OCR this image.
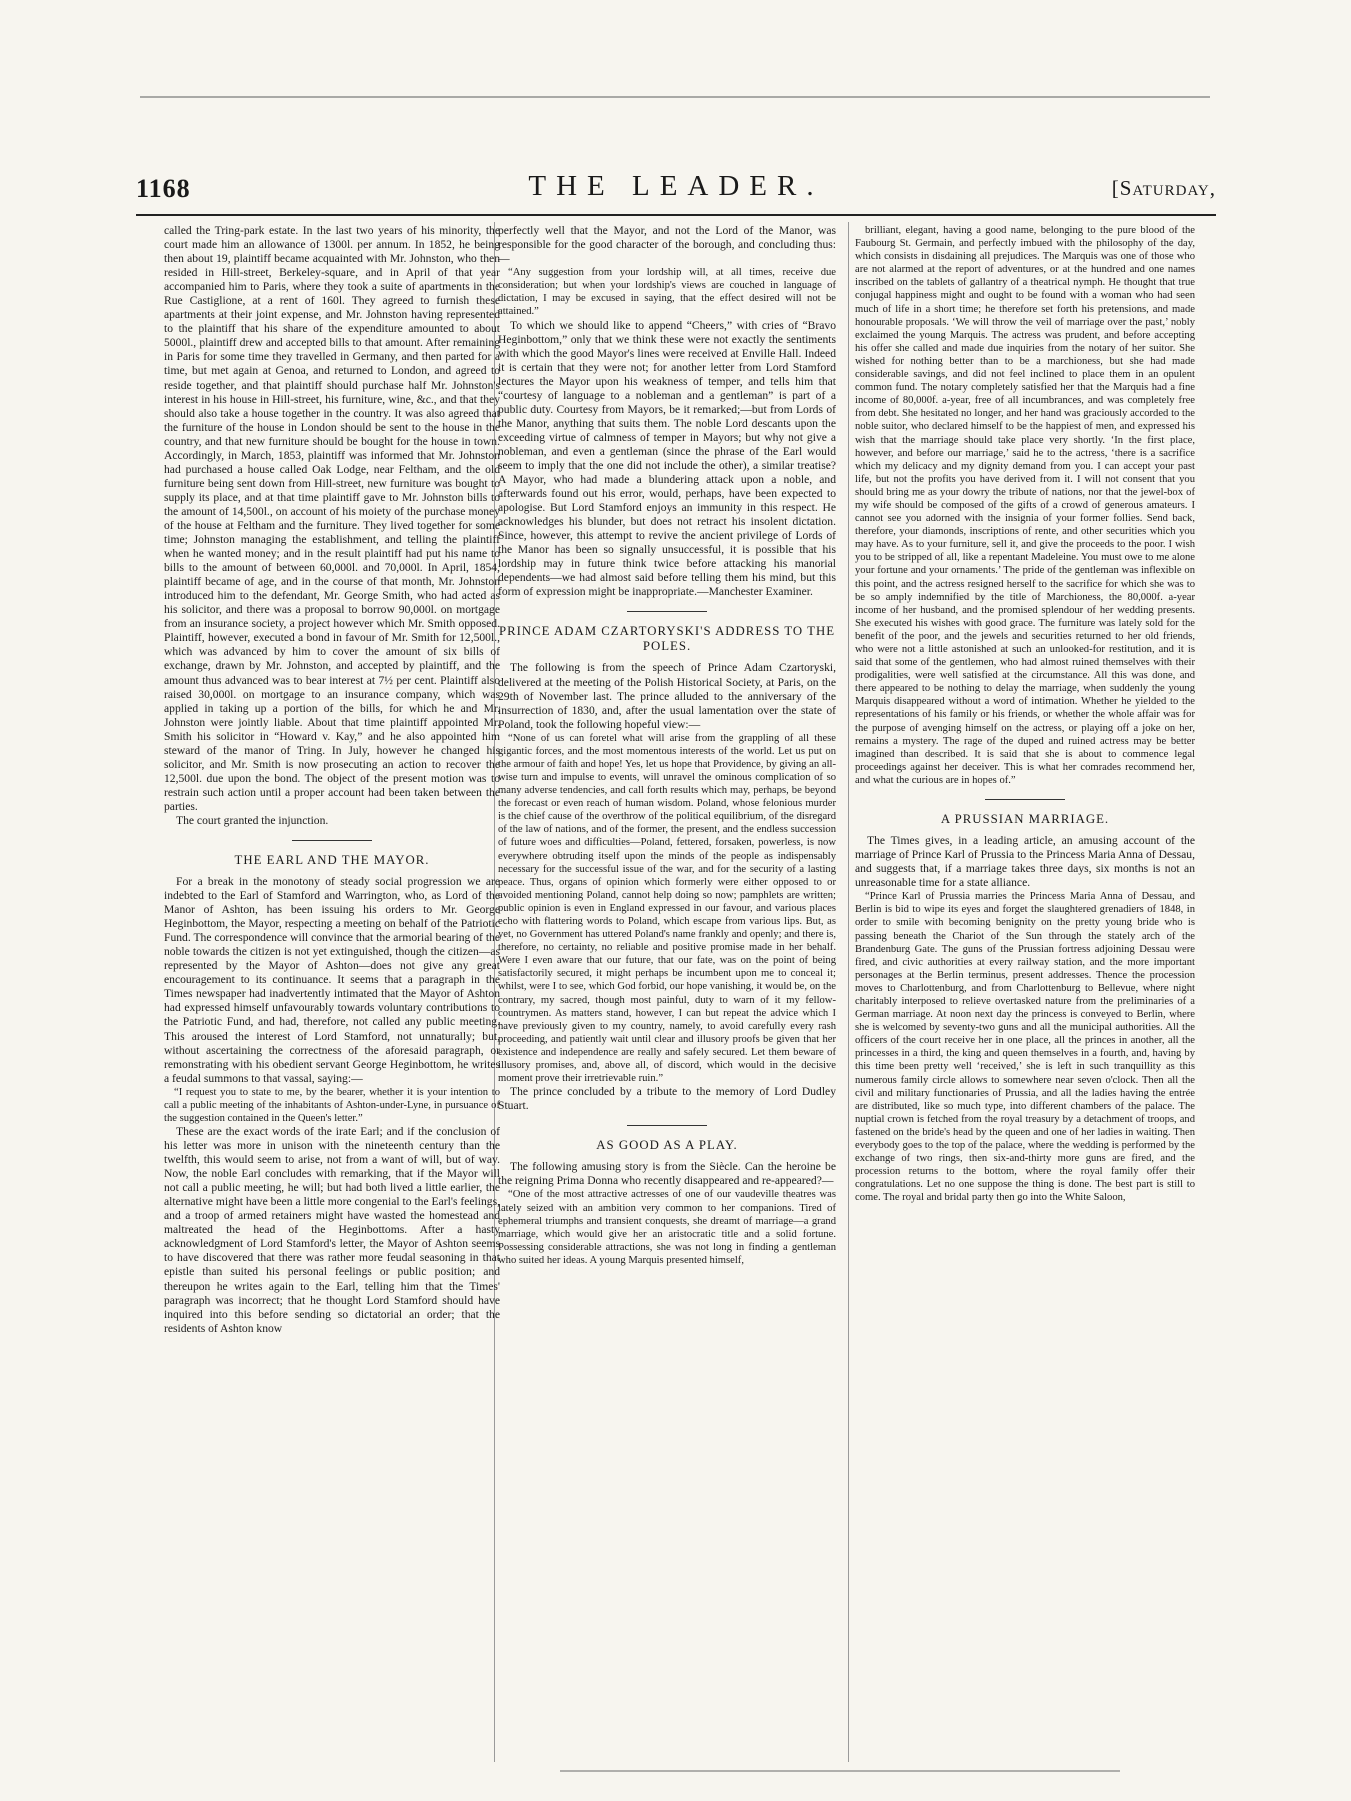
1168	THE LEADER.	[Saturday,

called the Tring-park estate. In the last two years of his minority, the court made him an allowance of 1300l. per annum. In 1852, he being then about 19, plaintiff became acquainted with Mr. Johnston, who then resided in Hill-street, Berkeley-square, and in April of that year accompanied him to Paris, where they took a suite of apartments in the Rue Castiglione, at a rent of 160l. They agreed to furnish these apartments at their joint expense, and Mr. Johnston having represented to the plaintiff that his share of the expenditure amounted to about 5000l., plaintiff drew and accepted bills to that amount. After remaining in Paris for some time they travelled in Germany, and then parted for a time, but met again at Genoa, and returned to London, and agreed to reside together, and that plaintiff should purchase half Mr. Johnston's interest in his house in Hill-street, his furniture, wine, &c., and that they should also take a house together in the country. It was also agreed that the furniture of the house in London should be sent to the house in the country, and that new furniture should be bought for the house in town. Accordingly, in March, 1853, plaintiff was informed that Mr. Johnston had purchased a house called Oak Lodge, near Feltham, and the old furniture being sent down from Hill-street, new furniture was bought to supply its place, and at that time plaintiff gave to Mr. Johnston bills to the amount of 14,500l., on account of his moiety of the purchase money of the house at Feltham and the furniture. They lived together for some time; Johnston managing the establishment, and telling the plaintiff when he wanted money; and in the result plaintiff had put his name to bills to the amount of between 60,000l. and 70,000l. In April, 1854, plaintiff became of age, and in the course of that month, Mr. Johnston introduced him to the defendant, Mr. George Smith, who had acted as his solicitor, and there was a proposal to borrow 90,000l. on mortgage from an insurance society, a project however which Mr. Smith opposed. Plaintiff, however, executed a bond in favour of Mr. Smith for 12,500l., which was advanced by him to cover the amount of six bills of exchange, drawn by Mr. Johnston, and accepted by plaintiff, and the amount thus advanced was to bear interest at 7½ per cent. Plaintiff also raised 30,000l. on mortgage to an insurance company, which was applied in taking up a portion of the bills, for which he and Mr. Johnston were jointly liable. About that time plaintiff appointed Mr. Smith his solicitor in “Howard v. Kay,” and he also appointed him steward of the manor of Tring. In July, however he changed his solicitor, and Mr. Smith is now prosecuting an action to recover the 12,500l. due upon the bond. The object of the present motion was to restrain such action until a proper account had been taken between the parties.

The court granted the injunction.

THE EARL AND THE MAYOR.

For a break in the monotony of steady social progression we are indebted to the Earl of Stamford and Warrington, who, as Lord of the Manor of Ashton, has been issuing his orders to Mr. George Heginbottom, the Mayor, respecting a meeting on behalf of the Patriotic Fund. The correspondence will convince that the armorial bearing of the noble towards the citizen is not yet extinguished, though the citizen—as represented by the Mayor of Ashton—does not give any great encouragement to its continuance. It seems that a paragraph in the Times newspaper had inadvertently intimated that the Mayor of Ashton had expressed himself unfavourably towards voluntary contributions to the Patriotic Fund, and had, therefore, not called any public meeting. This aroused the interest of Lord Stamford, not unnaturally; but, without ascertaining the correctness of the aforesaid paragraph, or remonstrating with his obedient servant George Heginbottom, he writes a feudal summons to that vassal, saying:—

“I request you to state to me, by the bearer, whether it is your intention to call a public meeting of the inhabitants of Ashton-under-Lyne, in pursuance of the suggestion contained in the Queen's letter.”

These are the exact words of the irate Earl; and if the conclusion of his letter was more in unison with the nineteenth century than the twelfth, this would seem to arise, not from a want of will, but of way. Now, the noble Earl concludes with remarking, that if the Mayor will not call a public meeting, he will; but had both lived a little earlier, the alternative might have been a little more congenial to the Earl's feelings, and a troop of armed retainers might have wasted the homestead and maltreated the head of the Heginbottoms. After a hasty acknowledgment of Lord Stamford's letter, the Mayor of Ashton seems to have discovered that there was rather more feudal seasoning in that epistle than suited his personal feelings or public position; and thereupon he writes again to the Earl, telling him that the Times' paragraph was incorrect; that he thought Lord Stamford should have inquired into this before sending so dictatorial an order; that the residents of Ashton know

perfectly well that the Mayor, and not the Lord of the Manor, was responsible for the good character of the borough, and concluding thus:—

“Any suggestion from your lordship will, at all times, receive due consideration; but when your lordship's views are couched in language of dictation, I may be excused in saying, that the effect desired will not be attained.”

To which we should like to append “Cheers,” with cries of “Bravo Heginbottom,” only that we think these were not exactly the sentiments with which the good Mayor's lines were received at Enville Hall. Indeed it is certain that they were not; for another letter from Lord Stamford lectures the Mayor upon his weakness of temper, and tells him that “courtesy of language to a nobleman and a gentleman” is part of a public duty. Courtesy from Mayors, be it remarked;—but from Lords of the Manor, anything that suits them. The noble Lord descants upon the exceeding virtue of calmness of temper in Mayors; but why not give a nobleman, and even a gentleman (since the phrase of the Earl would seem to imply that the one did not include the other), a similar treatise? A Mayor, who had made a blundering attack upon a noble, and afterwards found out his error, would, perhaps, have been expected to apologise. But Lord Stamford enjoys an immunity in this respect. He acknowledges his blunder, but does not retract his insolent dictation. Since, however, this attempt to revive the ancient privilege of Lords of the Manor has been so signally unsuccessful, it is possible that his lordship may in future think twice before attacking his manorial dependents—we had almost said before telling them his mind, but this form of expression might be inappropriate.—Manchester Examiner.

PRINCE ADAM CZARTORYSKI'S ADDRESS TO THE POLES.

The following is from the speech of Prince Adam Czartoryski, delivered at the meeting of the Polish Historical Society, at Paris, on the 29th of November last. The prince alluded to the anniversary of the insurrection of 1830, and, after the usual lamentation over the state of Poland, took the following hopeful view:—

“None of us can foretel what will arise from the grappling of all these gigantic forces, and the most momentous interests of the world. Let us put on the armour of faith and hope! Yes, let us hope that Providence, by giving an all-wise turn and impulse to events, will unravel the ominous complication of so many adverse tendencies, and call forth results which may, perhaps, be beyond the forecast or even reach of human wisdom. Poland, whose felonious murder is the chief cause of the overthrow of the political equilibrium, of the disregard of the law of nations, and of the former, the present, and the endless succession of future woes and difficulties—Poland, fettered, forsaken, powerless, is now everywhere obtruding itself upon the minds of the people as indispensably necessary for the successful issue of the war, and for the security of a lasting peace. Thus, organs of opinion which formerly were either opposed to or avoided mentioning Poland, cannot help doing so now; pamphlets are written; public opinion is even in England expressed in our favour, and various places echo with flattering words to Poland, which escape from various lips. But, as yet, no Government has uttered Poland's name frankly and openly; and there is, therefore, no certainty, no reliable and positive promise made in her behalf. Were I even aware that our future, that our fate, was on the point of being satisfactorily secured, it might perhaps be incumbent upon me to conceal it; whilst, were I to see, which God forbid, our hope vanishing, it would be, on the contrary, my sacred, though most painful, duty to warn of it my fellow-countrymen. As matters stand, however, I can but repeat the advice which I have previously given to my country, namely, to avoid carefully every rash proceeding, and patiently wait until clear and illusory proofs be given that her existence and independence are really and safely secured. Let them beware of illusory promises, and, above all, of discord, which would in the decisive moment prove their irretrievable ruin.”

The prince concluded by a tribute to the memory of Lord Dudley Stuart.

AS GOOD AS A PLAY.

The following amusing story is from the Siècle. Can the heroine be the reigning Prima Donna who recently disappeared and re-appeared?—

“One of the most attractive actresses of one of our vaudeville theatres was lately seized with an ambition very common to her companions. Tired of ephemeral triumphs and transient conquests, she dreamt of marriage—a grand marriage, which would give her an aristocratic title and a solid fortune. Possessing considerable attractions, she was not long in finding a gentleman who suited her ideas. A young Marquis presented himself,

brilliant, elegant, having a good name, belonging to the pure blood of the Faubourg St. Germain, and perfectly imbued with the philosophy of the day, which consists in disdaining all prejudices. The Marquis was one of those who are not alarmed at the report of adventures, or at the hundred and one names inscribed on the tablets of gallantry of a theatrical nymph. He thought that true conjugal happiness might and ought to be found with a woman who had seen much of life in a short time; he therefore set forth his pretensions, and made honourable proposals. ‘We will throw the veil of marriage over the past,’ nobly exclaimed the young Marquis. The actress was prudent, and before accepting his offer she called and made due inquiries from the notary of her suitor. She wished for nothing better than to be a marchioness, but she had made considerable savings, and did not feel inclined to place them in an opulent common fund. The notary completely satisfied her that the Marquis had a fine income of 80,000f. a-year, free of all incumbrances, and was completely free from debt. She hesitated no longer, and her hand was graciously accorded to the noble suitor, who declared himself to be the happiest of men, and expressed his wish that the marriage should take place very shortly. ‘In the first place, however, and before our marriage,’ said he to the actress, ‘there is a sacrifice which my delicacy and my dignity demand from you. I can accept your past life, but not the profits you have derived from it. I will not consent that you should bring me as your dowry the tribute of nations, nor that the jewel-box of my wife should be composed of the gifts of a crowd of generous amateurs. I cannot see you adorned with the insignia of your former follies. Send back, therefore, your diamonds, inscriptions of rente, and other securities which you may have. As to your furniture, sell it, and give the proceeds to the poor. I wish you to be stripped of all, like a repentant Madeleine. You must owe to me alone your fortune and your ornaments.’ The pride of the gentleman was inflexible on this point, and the actress resigned herself to the sacrifice for which she was to be so amply indemnified by the title of Marchioness, the 80,000f. a-year income of her husband, and the promised splendour of her wedding presents. She executed his wishes with good grace. The furniture was lately sold for the benefit of the poor, and the jewels and securities returned to her old friends, who were not a little astonished at such an unlooked-for restitution, and it is said that some of the gentlemen, who had almost ruined themselves with their prodigalities, were well satisfied at the circumstance. All this was done, and there appeared to be nothing to delay the marriage, when suddenly the young Marquis disappeared without a word of intimation. Whether he yielded to the representations of his family or his friends, or whether the whole affair was for the purpose of avenging himself on the actress, or playing off a joke on her, remains a mystery. The rage of the duped and ruined actress may be better imagined than described. It is said that she is about to commence legal proceedings against her deceiver. This is what her comrades recommend her, and what the curious are in hopes of.”

A PRUSSIAN MARRIAGE.

The Times gives, in a leading article, an amusing account of the marriage of Prince Karl of Prussia to the Princess Maria Anna of Dessau, and suggests that, if a marriage takes three days, six months is not an unreasonable time for a state alliance.

“Prince Karl of Prussia marries the Princess Maria Anna of Dessau, and Berlin is bid to wipe its eyes and forget the slaughtered grenadiers of 1848, in order to smile with becoming benignity on the pretty young bride who is passing beneath the Chariot of the Sun through the stately arch of the Brandenburg Gate. The guns of the Prussian fortress adjoining Dessau were fired, and civic authorities at every railway station, and the more important personages at the Berlin terminus, present addresses. Thence the procession moves to Charlottenburg, and from Charlottenburg to Bellevue, where night charitably interposed to relieve overtasked nature from the preliminaries of a German marriage. At noon next day the princess is conveyed to Berlin, where she is welcomed by seventy-two guns and all the municipal authorities. All the officers of the court receive her in one place, all the princes in another, all the princesses in a third, the king and queen themselves in a fourth, and, having by this time been pretty well ‘received,’ she is left in such tranquillity as this numerous family circle allows to somewhere near seven o'clock. Then all the civil and military functionaries of Prussia, and all the ladies having the entrée are distributed, like so much type, into different chambers of the palace. The nuptial crown is fetched from the royal treasury by a detachment of troops, and fastened on the bride's head by the queen and one of her ladies in waiting. Then everybody goes to the top of the palace, where the wedding is performed by the exchange of two rings, then six-and-thirty more guns are fired, and the procession returns to the bottom, where the royal family offer their congratulations. Let no one suppose the thing is done. The best part is still to come. The royal and bridal party then go into the White Saloon,
